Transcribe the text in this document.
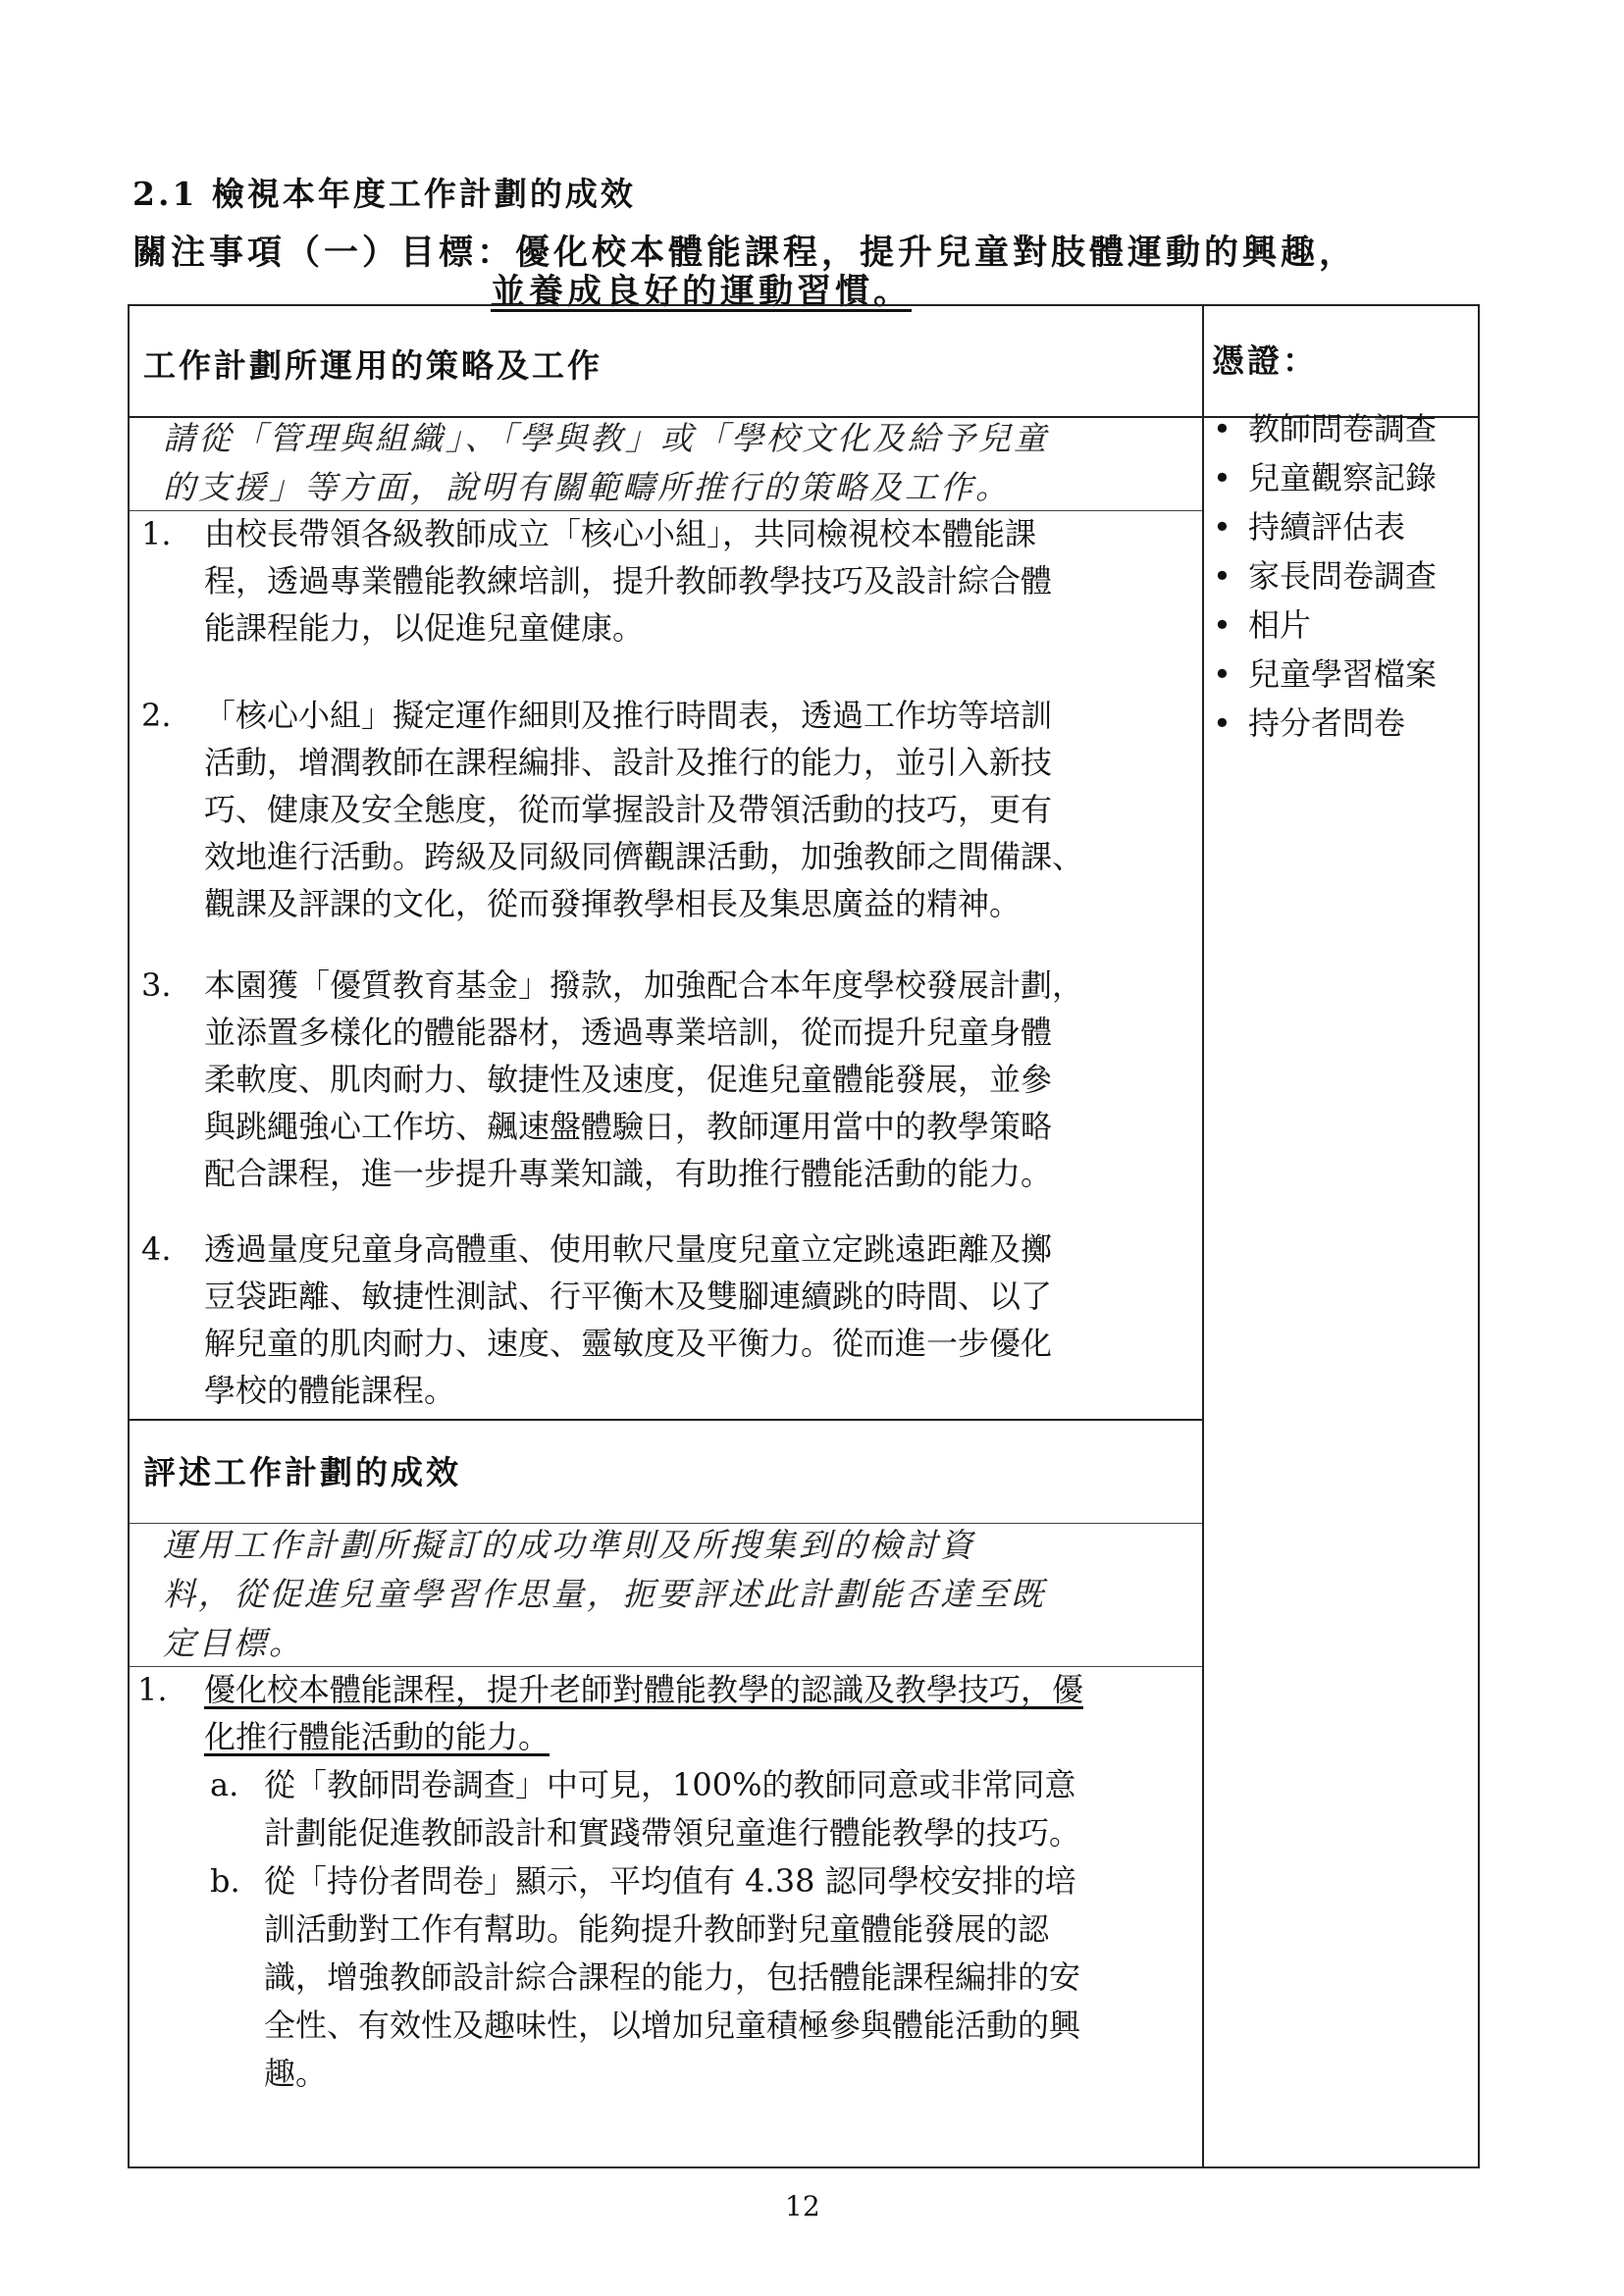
2.1 檢視本年度工作計劃的成效
關注事項（一）目標：優化校本體能課程，提升兒童對肢體運動的興趣，
並養成良好的運動習慣。
工作計劃所運用的策略及工作	憑證：
請從「管理與組織」、「學與教」或「學校文化及給予兒童
的支援」等方面，說明有關範疇所推行的策略及工作。
1. 由校長帶領各級教師成立「核心小組」，共同檢視校本體能課
程，透過專業體能教練培訓，提升教師教學技巧及設計綜合體
能課程能力，以促進兒童健康。
2. 「核心小組」擬定運作細則及推行時間表，透過工作坊等培訓
活動，增潤教師在課程編排、設計及推行的能力，並引入新技
巧、健康及安全態度，從而掌握設計及帶領活動的技巧，更有
效地進行活動。跨級及同級同儕觀課活動，加強教師之間備課、
觀課及評課的文化，從而發揮教學相長及集思廣益的精神。
3. 本園獲「優質教育基金」撥款，加強配合本年度學校發展計劃，
並添置多樣化的體能器材，透過專業培訓，從而提升兒童身體
柔軟度、肌肉耐力、敏捷性及速度，促進兒童體能發展，並參
與跳繩強心工作坊、飆速盤體驗日，教師運用當中的教學策略
配合課程，進一步提升專業知識，有助推行體能活動的能力。
4. 透過量度兒童身高體重、使用軟尺量度兒童立定跳遠距離及擲
豆袋距離、敏捷性測試、行平衡木及雙腳連續跳的時間、以了
解兒童的肌肉耐力、速度、靈敏度及平衡力。從而進一步優化
學校的體能課程。
評述工作計劃的成效
運用工作計劃所擬訂的成功準則及所搜集到的檢討資
料，從促進兒童學習作思量，扼要評述此計劃能否達至既
定目標。
1. 優化校本體能課程，提升老師對體能教學的認識及教學技巧，優
化推行體能活動的能力。
a. 從「教師問卷調查」中可見，100%的教師同意或非常同意
計劃能促進教師設計和實踐帶領兒童進行體能教學的技巧。
b. 從「持份者問卷」顯示，平均值有 4.38 認同學校安排的培
訓活動對工作有幫助。能夠提升教師對兒童體能發展的認
識，增強教師設計綜合課程的能力，包括體能課程編排的安
全性、有效性及趣味性，以增加兒童積極參與體能活動的興
趣。
• 教師問卷調查
• 兒童觀察記錄
• 持續評估表
• 家長問卷調查
• 相片
• 兒童學習檔案
• 持分者問卷
12
